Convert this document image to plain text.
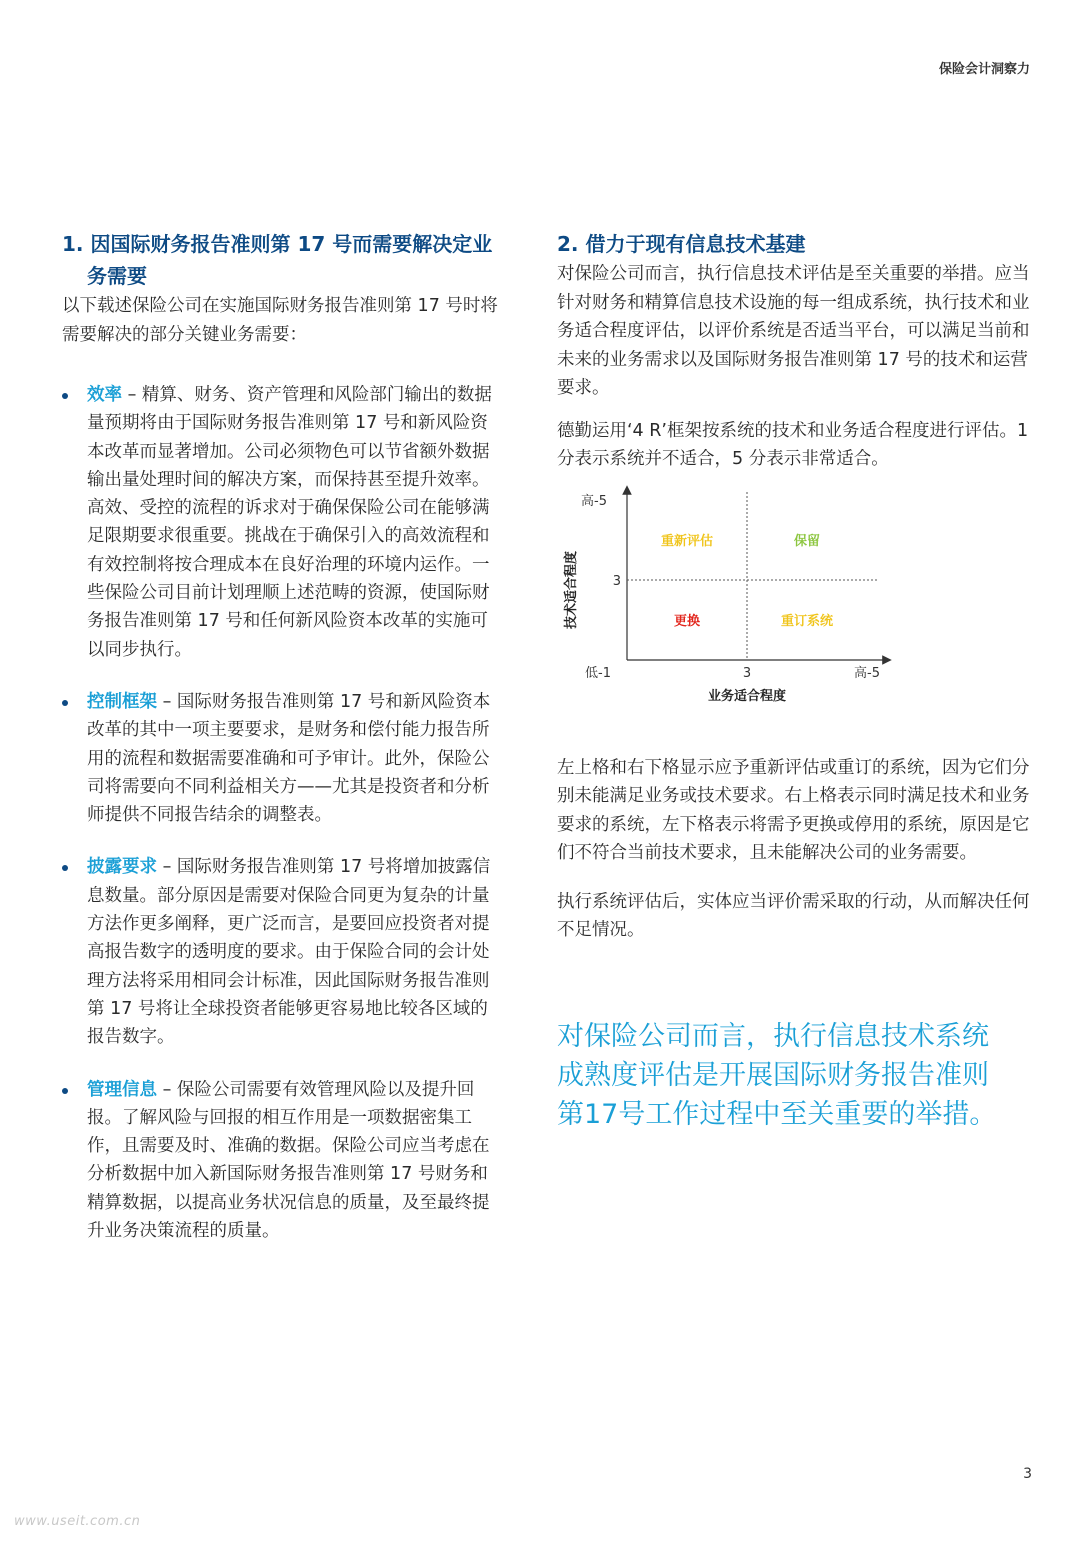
保险会计洞察力
1. 因国际财务报告准则第 17 号而需要解决定业务需要

以下载述保险公司在实施国际财务报告准则第 17 号时将需要解决的部分关键业务需要：

效率 – 精算、财务、资产管理和风险部门输出的数据量预期将由于国际财务报告准则第 17 号和新风险资本改革而显著增加。公司必须物色可以节省额外数据输出量处理时间的解决方案，而保持甚至提升效率。高效、受控的流程的诉求对于确保保险公司在能够满足限期要求很重要。挑战在于确保引入的高效流程和有效控制将按合理成本在良好治理的环境内运作。一些保险公司目前计划理顺上述范畴的资源，使国际财务报告准则第 17 号和任何新风险资本改革的实施可以同步执行。
控制框架 – 国际财务报告准则第 17 号和新风险资本改革的其中一项主要要求，是财务和偿付能力报告所用的流程和数据需要准确和可予审计。此外，保险公司将需要向不同利益相关方——尤其是投资者和分析师提供不同报告结余的调整表。
披露要求 – 国际财务报告准则第 17 号将增加披露信息数量。部分原因是需要对保险合同更为复杂的计量方法作更多阐释，更广泛而言，是要回应投资者对提高报告数字的透明度的要求。由于保险合同的会计处理方法将采用相同会计标准，因此国际财务报告准则第 17 号将让全球投资者能够更容易地比较各区域的报告数字。
管理信息 – 保险公司需要有效管理风险以及提升回报。了解风险与回报的相互作用是一项数据密集工作，且需要及时、准确的数据。保险公司应当考虑在分析数据中加入新国际财务报告准则第 17 号财务和精算数据，以提高业务状况信息的质量，及至最终提升业务决策流程的质量。
2. 借力于现有信息技术基建

对保险公司而言，执行信息技术评估是至关重要的举措。应当针对财务和精算信息技术设施的每一组成系统，执行技术和业务适合程度评估，以评价系统是否适当平台，可以满足当前和未来的业务需求以及国际财务报告准则第 17 号的技术和运营要求。

德勤运用‘4 R’框架按系统的技术和业务适合程度进行评估。1 分表示系统并不适合，5 分表示非常适合。

重新评估	保留
更换	重订系统
高-5
3
低-1	3	高-5
业务适合程度
技术适合程度

左上格和右下格显示应予重新评估或重订的系统，因为它们分别未能满足业务或技术要求。右上格表示同时满足技术和业务要求的系统，左下格表示将需予更换或停用的系统，原因是它们不符合当前技术要求，且未能解决公司的业务需要。

执行系统评估后，实体应当评价需采取的行动，从而解决任何不足情况。

对保险公司而言，执行信息技术系统成熟度评估是开展国际财务报告准则第17号工作过程中至关重要的举措。
3
www.useit.com.cn
